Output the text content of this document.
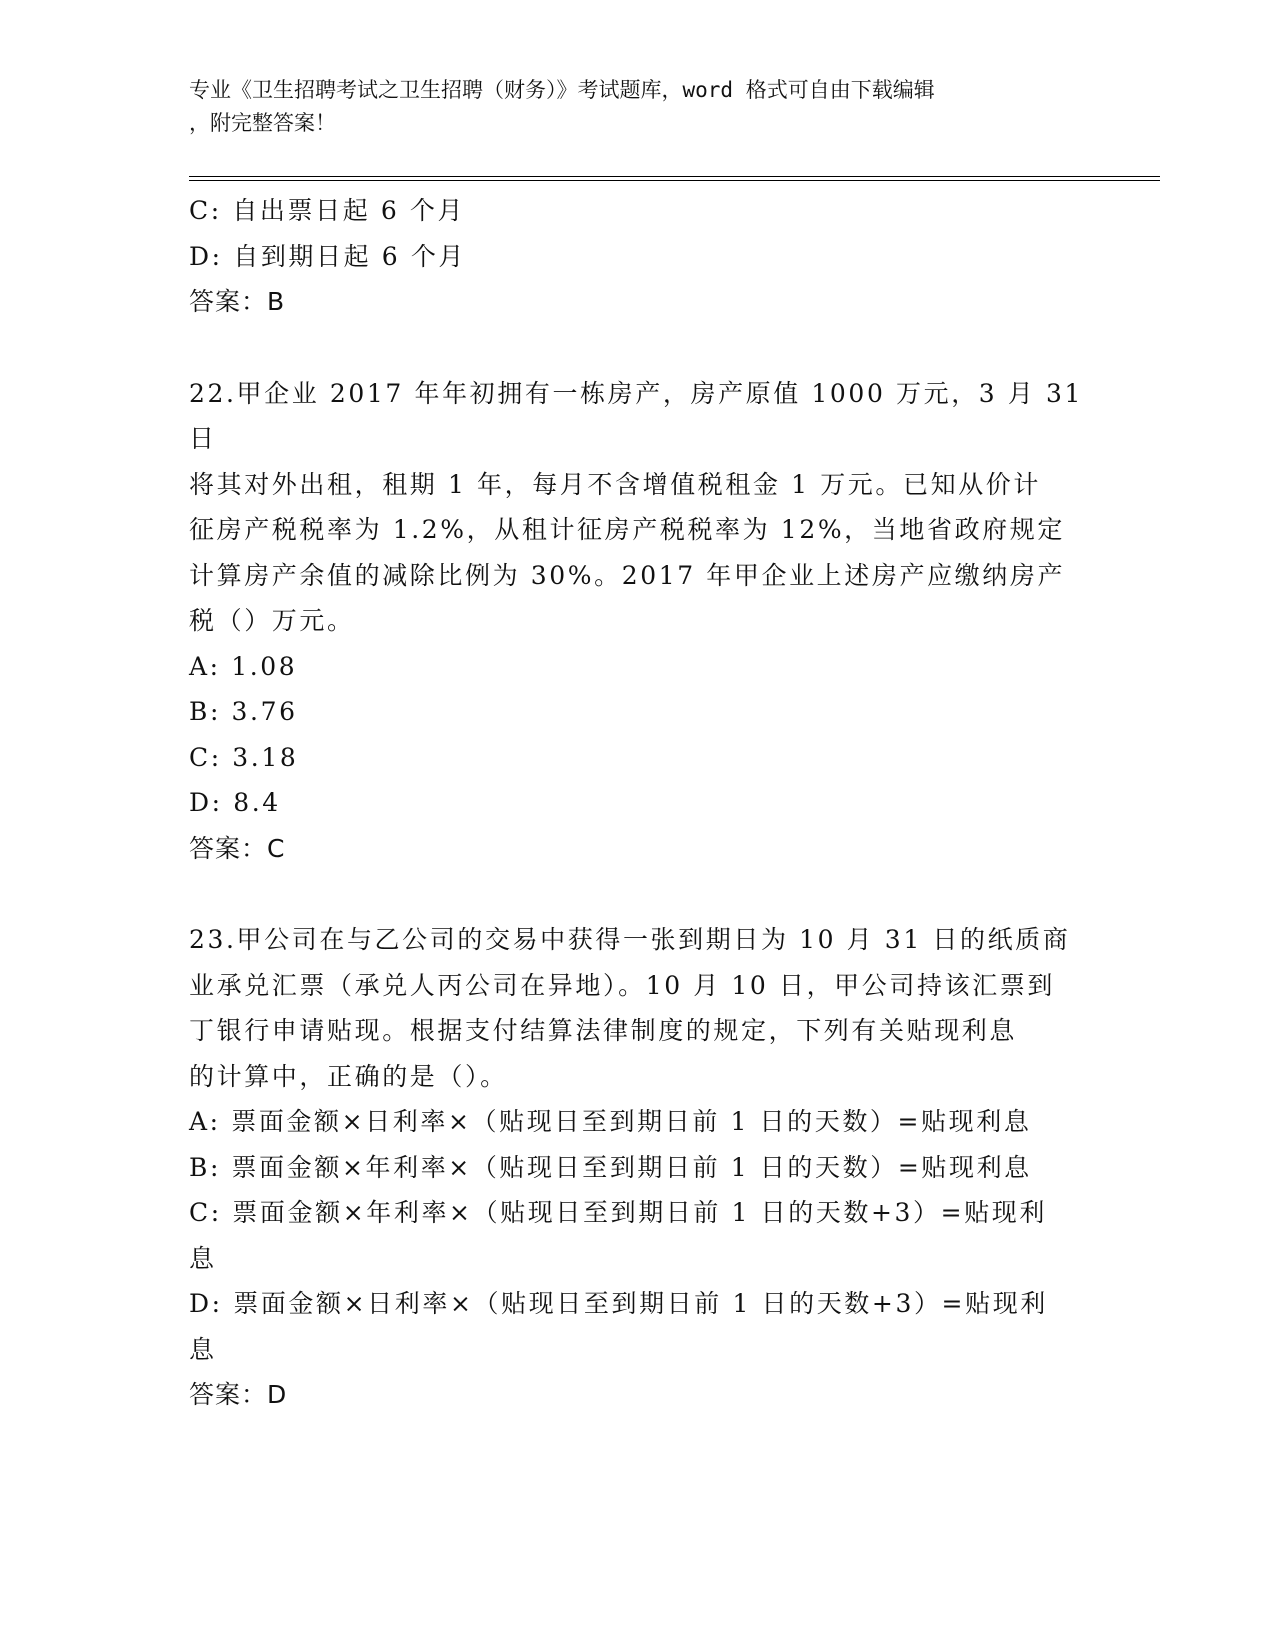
专业《卫生招聘考试之卫生招聘（财务）》考试题库，word 格式可自由下载编辑
，附完整答案！
C: 自出票日起 6 个月
D: 自到期日起 6 个月
答案：B
22.甲企业 2017 年年初拥有一栋房产，房产原值 1000 万元，3 月 31 日
将其对外出租，租期 1 年，每月不含增值税租金 1 万元。已知从价计
征房产税税率为 1.2%，从租计征房产税税率为 12%，当地省政府规定
计算房产余值的减除比例为 30%。2017 年甲企业上述房产应缴纳房产
税（）万元。
A: 1.08
B: 3.76
C: 3.18
D: 8.4
答案：C
23.甲公司在与乙公司的交易中获得一张到期日为 10 月 31 日的纸质商
业承兑汇票（承兑人丙公司在异地）。10 月 10 日，甲公司持该汇票到
丁银行申请贴现。根据支付结算法律制度的规定，下列有关贴现利息
的计算中，正确的是（）。
A: 票面金额×日利率×（贴现日至到期日前 1 日的天数）=贴现利息
B: 票面金额×年利率×（贴现日至到期日前 1 日的天数）=贴现利息
C: 票面金额×年利率×（贴现日至到期日前 1 日的天数+3）=贴现利
息
D: 票面金额×日利率×（贴现日至到期日前 1 日的天数+3）=贴现利
息
答案：D
